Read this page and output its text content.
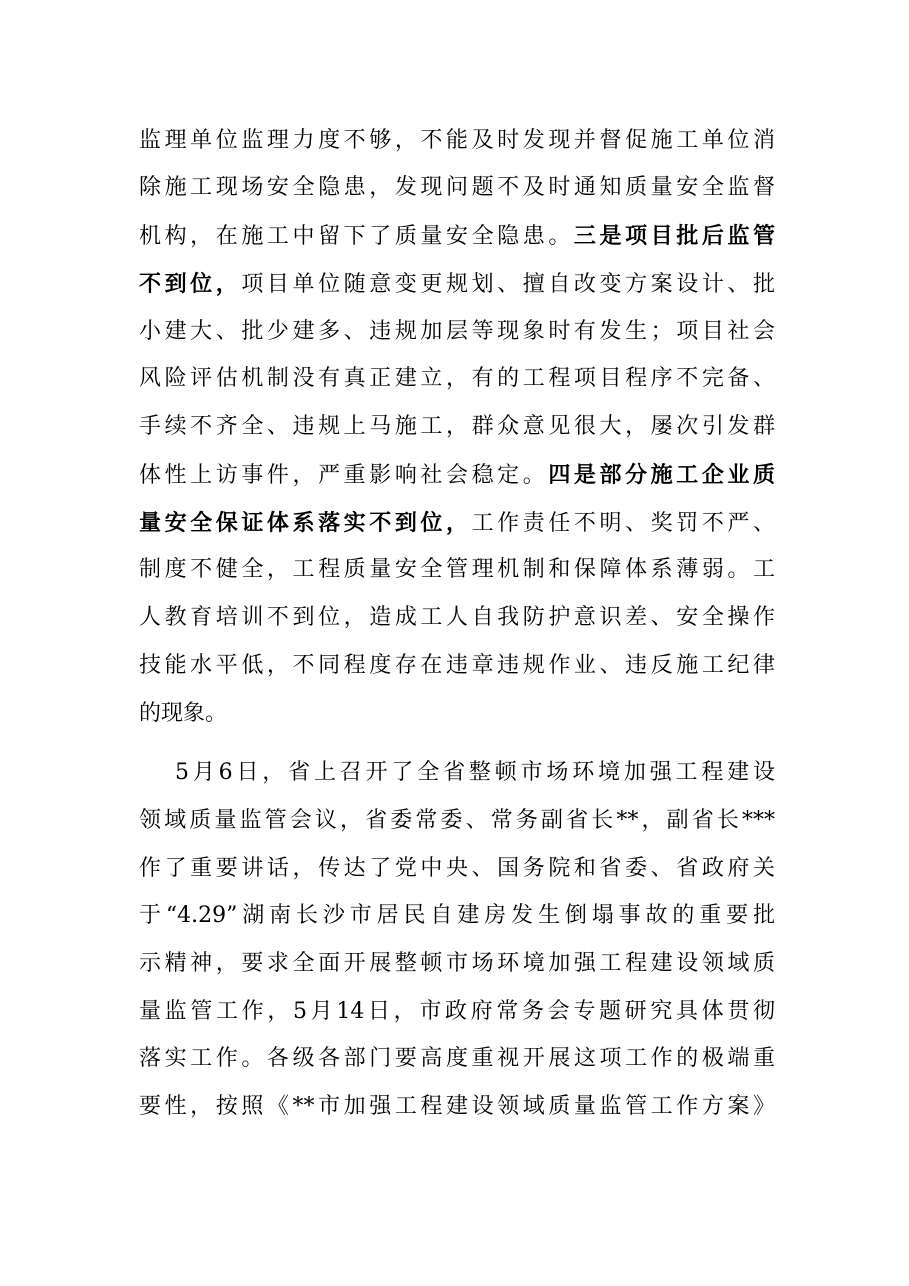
监理单位监理力度不够，不能及时发现并督促施工单位消
除施工现场安全隐患，发现问题不及时通知质量安全监督
机构，在施工中留下了质量安全隐患。三是项目批后监管
不到位，项目单位随意变更规划、擅自改变方案设计、批
小建大、批少建多、违规加层等现象时有发生；项目社会
风险评估机制没有真正建立，有的工程项目程序不完备、
手续不齐全、违规上马施工，群众意见很大，屡次引发群
体性上访事件，严重影响社会稳定。四是部分施工企业质
量安全保证体系落实不到位，工作责任不明、奖罚不严、
制度不健全，工程质量安全管理机制和保障体系薄弱。工
人教育培训不到位，造成工人自我防护意识差、安全操作
技能水平低，不同程度存在违章违规作业、违反施工纪律
的现象。
5月6日，省上召开了全省整顿市场环境加强工程建设
领域质量监管会议，省委常委、常务副省长**，副省长***
作了重要讲话，传达了党中央、国务院和省委、省政府关
于“4.29”湖南长沙市居民自建房发生倒塌事故的重要批
示精神，要求全面开展整顿市场环境加强工程建设领域质
量监管工作，5月14日，市政府常务会专题研究具体贯彻
落实工作。各级各部门要高度重视开展这项工作的极端重
要性，按照《**市加强工程建设领域质量监管工作方案》
